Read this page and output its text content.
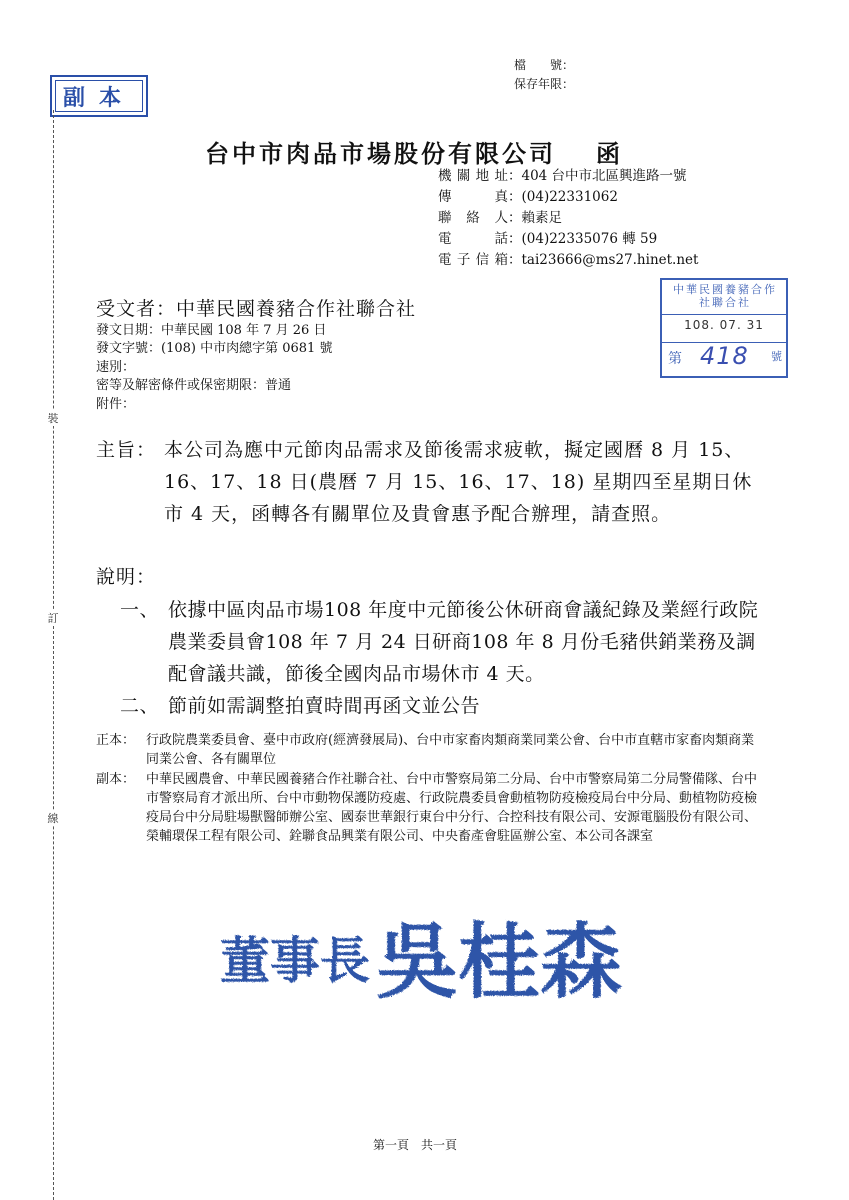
檔　　號：
保存年限：
副本
裝
訂
線
台中市肉品市場股份有限公司 函
機關地址：404 台中市北區興進路一號
傳　　真：(04)22331062
聯 絡 人：賴素足
電　　話：(04)22335076 轉 59
電子信箱：tai23666@ms27.hinet.net
受文者：中華民國養豬合作社聯合社
發文日期：中華民國 108 年 7 月 26 日
發文字號：(108) 中市肉總字第 0681 號
速別：
密等及解密條件或保密期限：普通
附件：
中華民國養豬合作社聯合社
108. 07. 31
第 418 號
主旨： 本公司為應中元節肉品需求及節後需求疲軟，擬定國曆 8 月 15、16、17、18 日(農曆 7 月 15、16、17、18) 星期四至星期日休市 4 天，函轉各有關單位及貴會惠予配合辦理，請查照。
說明：
一、 依據中區肉品市場108 年度中元節後公休研商會議紀錄及業經行政院農業委員會108 年 7 月 24 日研商108 年 8 月份毛豬供銷業務及調配會議共識，節後全國肉品市場休市 4 天。
二、 節前如需調整拍賣時間再函文並公告
正本： 行政院農業委員會、臺中市政府(經濟發展局)、台中市家畜肉類商業同業公會、台中市直轄市家畜肉類商業同業公會、各有關單位
副本： 中華民國農會、中華民國養豬合作社聯合社、台中市警察局第二分局、台中市警察局第二分局警備隊、台中市警察局育才派出所、台中市動物保護防疫處、行政院農委員會動植物防疫檢疫局台中分局、動植物防疫檢疫局台中分局駐場獸醫師辦公室、國泰世華銀行東台中分行、合控科技有限公司、安源電腦股份有限公司、榮輔環保工程有限公司、銓聯食品興業有限公司、中央畜產會駐區辦公室、本公司各課室
董事長 吳桂森
第一頁　共一頁
